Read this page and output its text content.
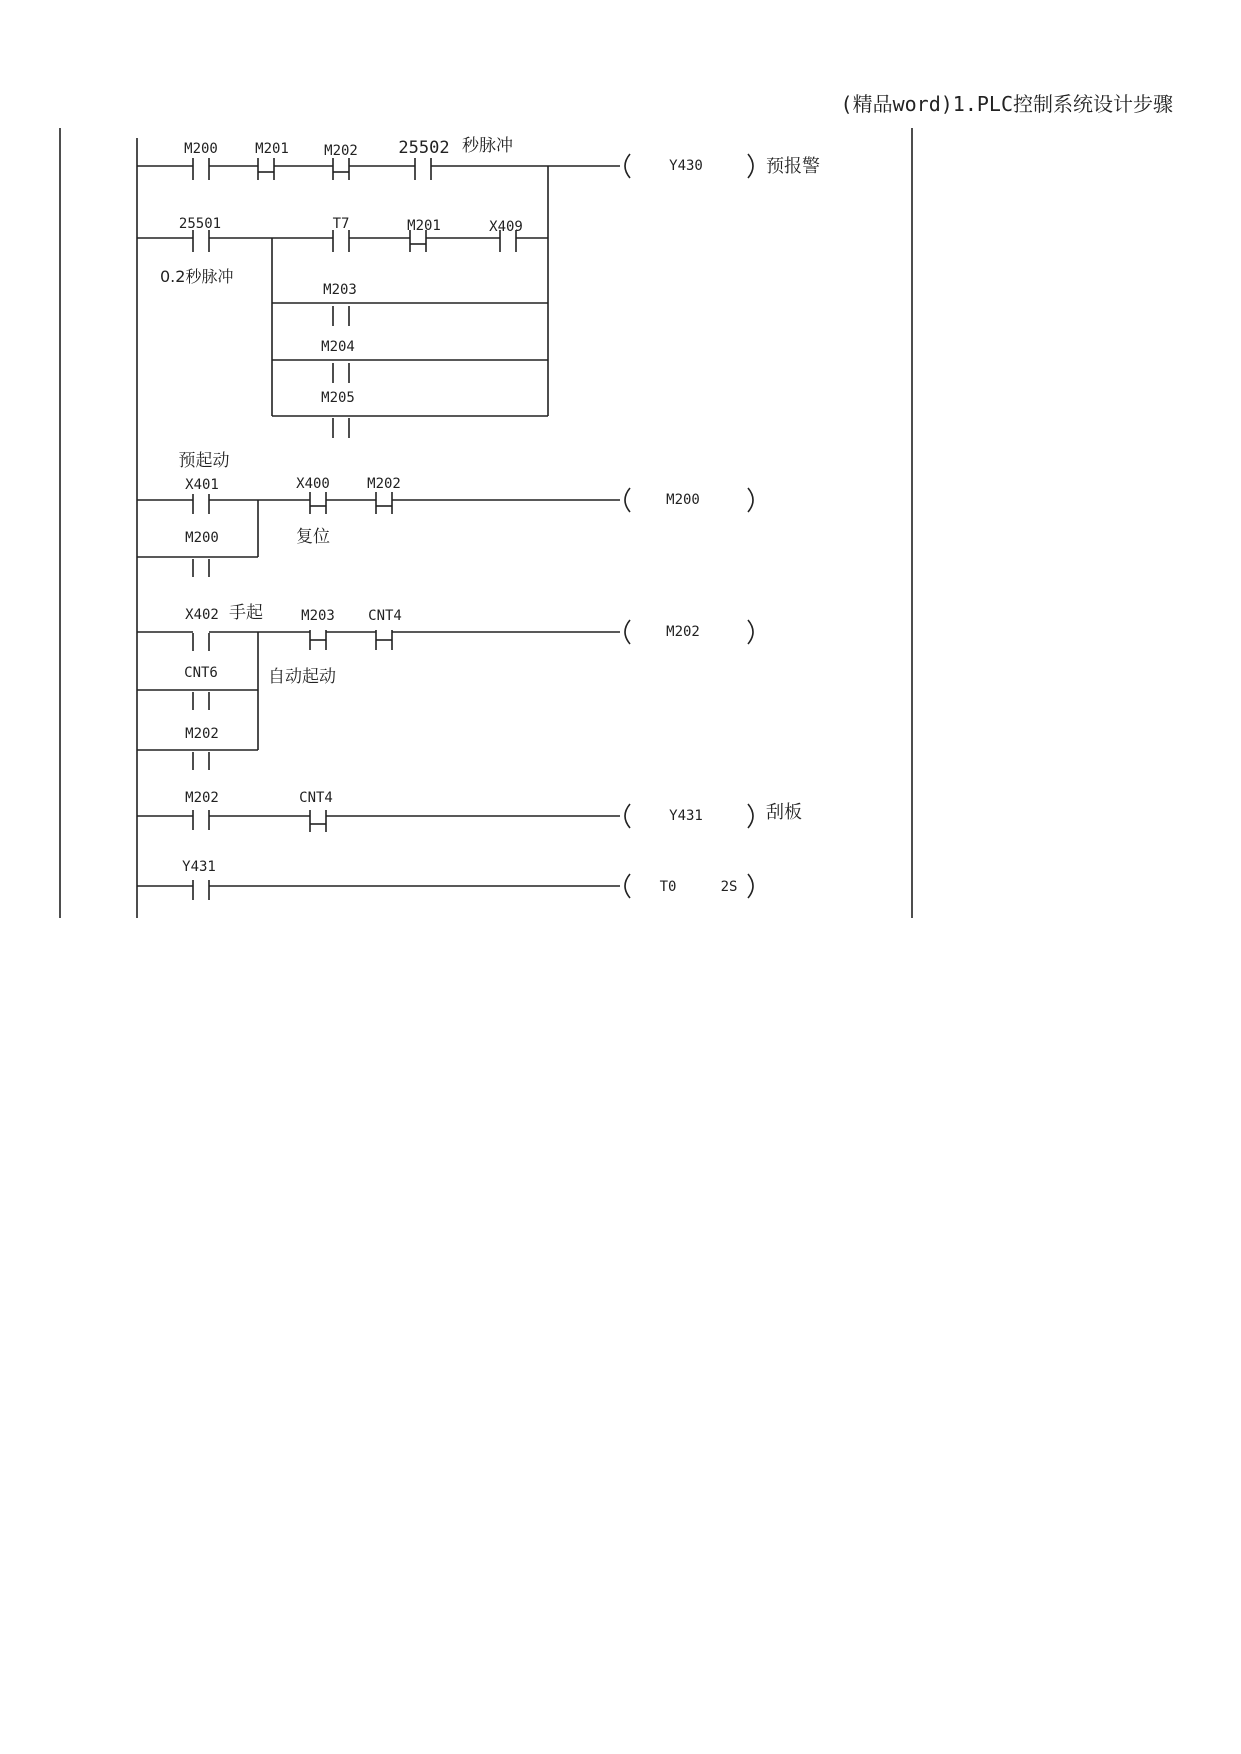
(精品word)1.PLC控制系统设计步骤
M200	M201	M202 25502 秒脉冲
Y430	预报警
25501
0.2秒脉冲
T7	M201	X409
M203
M204
M205
预起动
X401
M200
X400
复位
M202
M200
X402 手起
CNT6	自动起动
M202
M203 CNT4
M202
M202	CNT4
Y431	刮板
Y431
T0	2S
